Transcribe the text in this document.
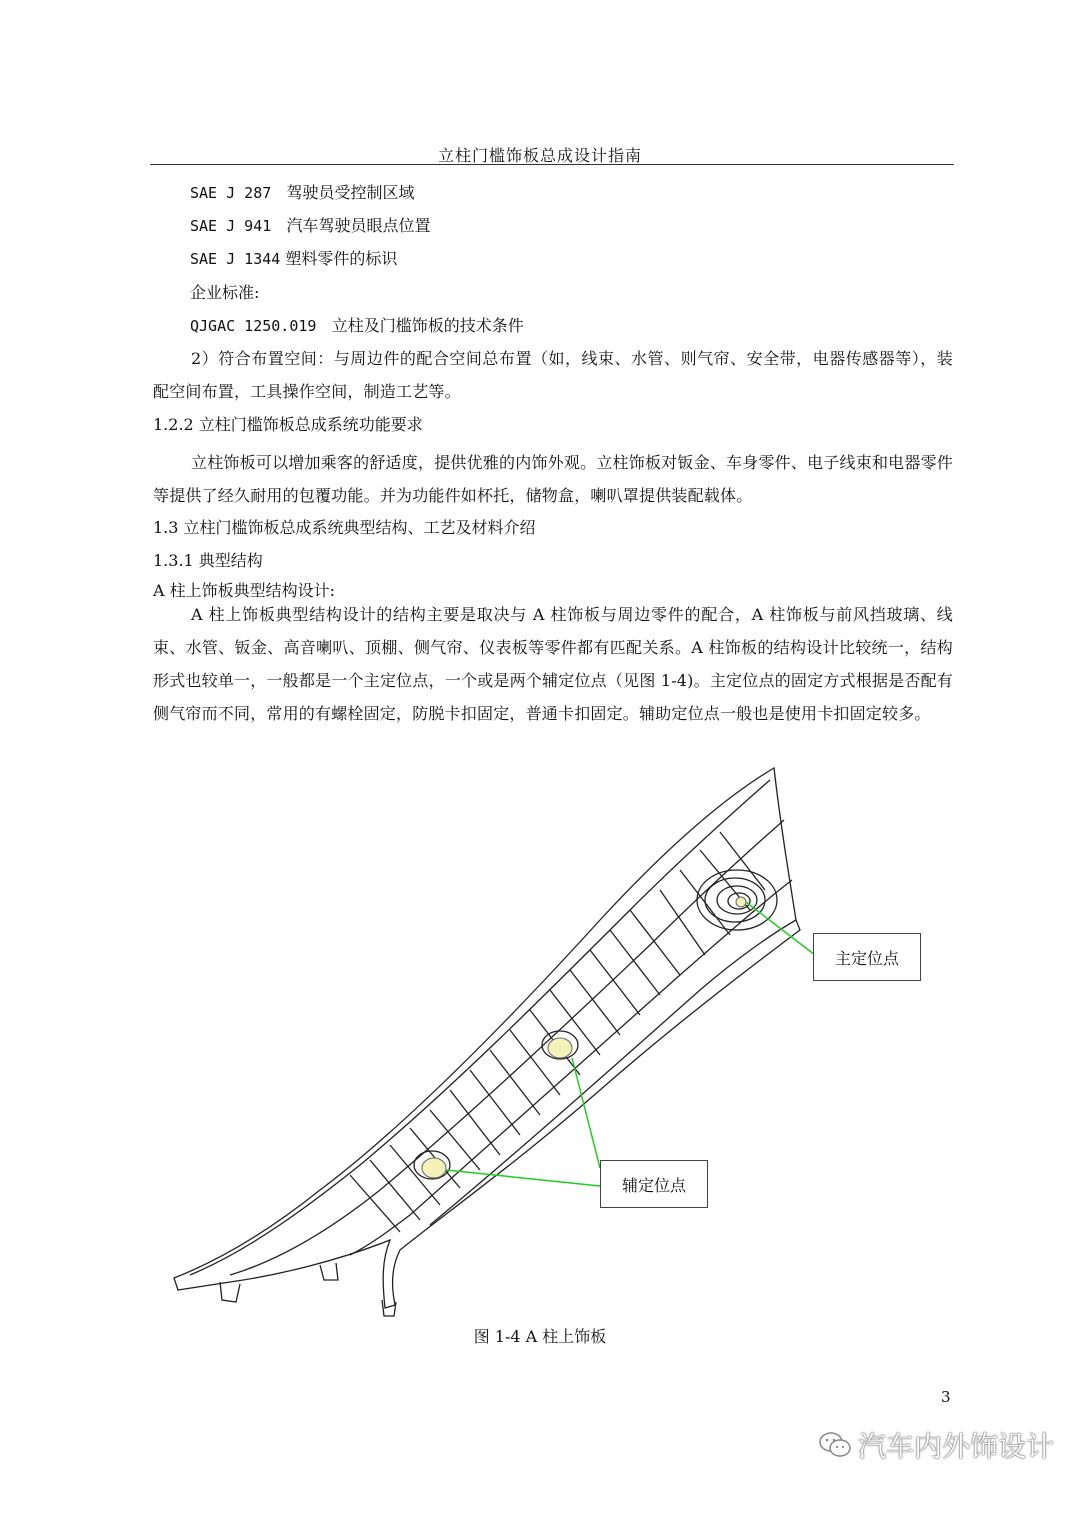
立柱门槛饰板总成设计指南
SAE J 287 驾驶员受控制区域
SAE J 941 汽车驾驶员眼点位置
SAE J 1344 塑料零件的标识
企业标准:
QJGAC 1250.019 立柱及门槛饰板的技术条件
2）符合布置空间：与周边件的配合空间总布置（如，线束、水管、则气帘、安全带，电器传感器等），装配空间布置，工具操作空间，制造工艺等。
1.2.2 立柱门槛饰板总成系统功能要求
立柱饰板可以增加乘客的舒适度，提供优雅的内饰外观。立柱饰板对钣金、车身零件、电子线束和电器零件等提供了经久耐用的包覆功能。并为功能件如杯托，储物盒，喇叭罩提供装配载体。
1.3 立柱门槛饰板总成系统典型结构、工艺及材料介绍
1.3.1 典型结构
A 柱上饰板典型结构设计:
A 柱上饰板典型结构设计的结构主要是取决与 A 柱饰板与周边零件的配合，A 柱饰板与前风挡玻璃、线束、水管、钣金、高音喇叭、顶棚、侧气帘、仪表板等零件都有匹配关系。A 柱饰板的结构设计比较统一，结构形式也较单一，一般都是一个主定位点，一个或是两个辅定位点（见图 1-4)。主定位点的固定方式根据是否配有侧气帘而不同，常用的有螺栓固定，防脱卡扣固定，普通卡扣固定。辅助定位点一般也是使用卡扣固定较多。
主定位点
辅定位点
图 1-4 A 柱上饰板
3
汽车内外饰设计
